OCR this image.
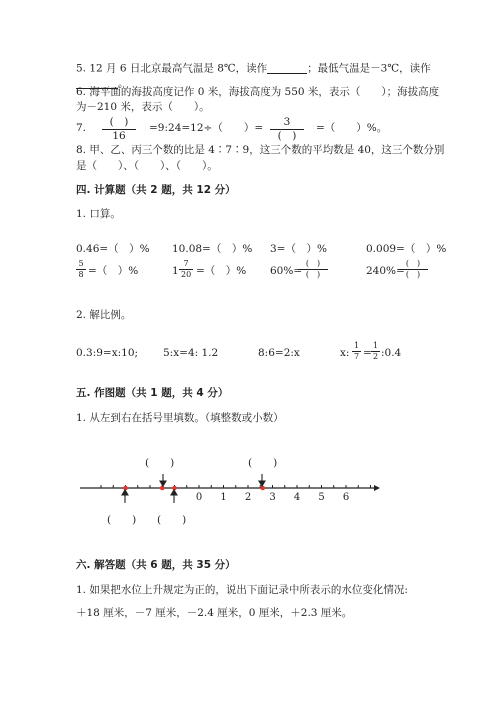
5. 12 月 6 日北京最高气温是 8℃，读作	；最低气温是－3℃，读作
。
6. 海平面的海拔高度记作 0 米，海拔高度为 550 米，表示（　　）；海拔高度
为－210 米，表示（　　）。
7.	(　)
16
=9:24=12÷（　　）=	3
(　)
=（　　）%。
8. 甲、乙、丙三个数的比是 4∶7∶9，这三个数的平均数是 40，这三个数分别
是（　　）、（　　）、（　　）。
四. 计算题（共 2 题，共 12 分）
1. 口算。
0.46=（　）% 10.08=（　）% 3=（　）%	0.009=（　）%
5
8 =（　）%	1
7
20 =（　）% 60%=
(　)
(　)	240%=
(　)
(　)
2. 解比例。
0.3:9=x:10; 5:x=4: 1.2	8:6=2:x	x:
1
7 =
1
2 :0.4
五. 作图题（共 1 题，共 4 分）
1. 从左到右在括号里填数。（填整数或小数）
(　　)	(　　)
(　　) (　　)
0 1 2 3 4 5 6
六. 解答题（共 6 题，共 35 分）
1. 如果把水位上升规定为正的，说出下面记录中所表示的水位变化情况:
＋18 厘米，－7 厘米，－2.4 厘米，0 厘米，＋2.3 厘米。
